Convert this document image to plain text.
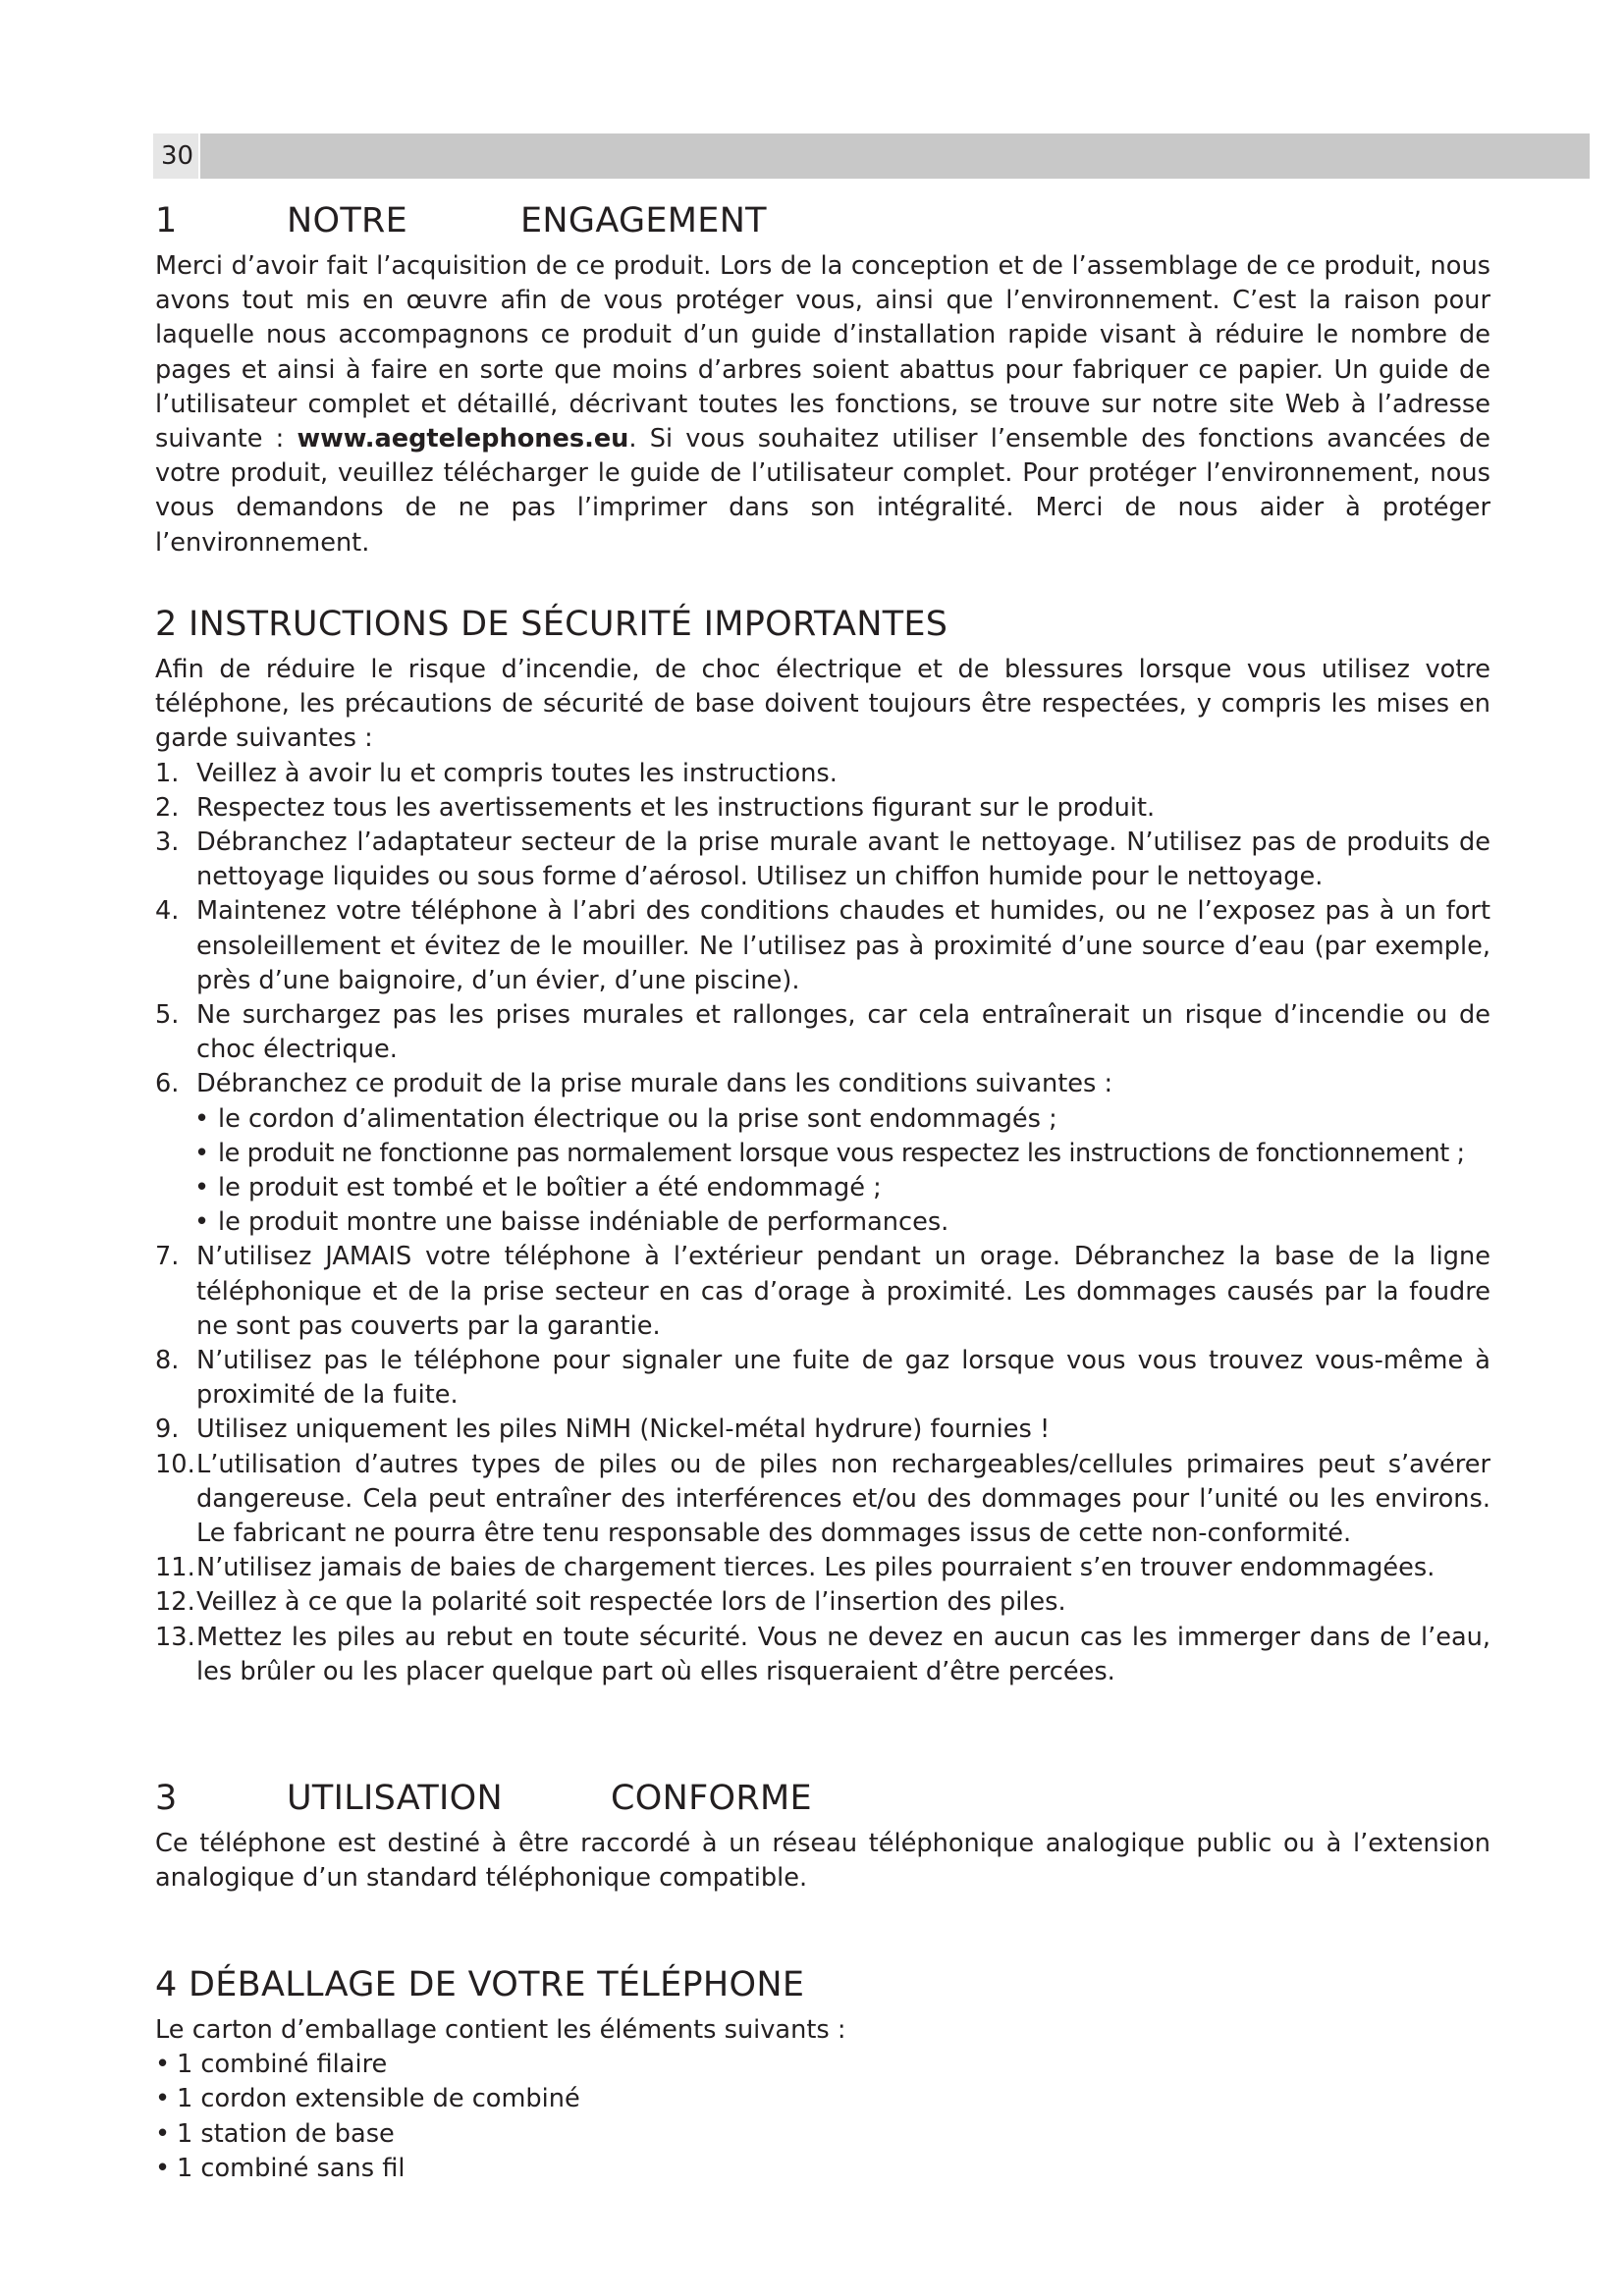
30
1	NOTRE	ENGAGEMENT

Merci d’avoir fait l’acquisition de ce produit. Lors de la conception et de l’assemblage de ce produit, nous avons tout mis en œuvre afin de vous protéger vous, ainsi que l’environnement. C’est la raison pour laquelle nous accompagnons ce produit d’un guide d’installation rapide visant à réduire le nombre de pages et ainsi à faire en sorte que moins d’arbres soient abattus pour fabriquer ce papier. Un guide de l’utilisateur complet et détaillé, décrivant toutes les fonctions, se trouve sur notre site Web à l’adresse suivante : www.aegtelephones.eu. Si vous souhaitez utiliser l’ensemble des fonctions avancées de votre produit, veuillez télécharger le guide de l’utilisateur complet. Pour protéger l’environnement, nous vous demandons de ne pas l’imprimer dans son intégralité. Merci de nous aider à protéger l’environnement.

2 INSTRUCTIONS DE SÉCURITÉ IMPORTANTES

Afin de réduire le risque d’incendie, de choc électrique et de blessures lorsque vous utilisez votre téléphone, les précautions de sécurité de base doivent toujours être respectées, y compris les mises en garde suivantes :

1. Veillez à avoir lu et compris toutes les instructions.
2. Respectez tous les avertissements et les instructions figurant sur le produit.
3. Débranchez l’adaptateur secteur de la prise murale avant le nettoyage. N’utilisez pas de produits de nettoyage liquides ou sous forme d’aérosol. Utilisez un chiffon humide pour le nettoyage.
4. Maintenez votre téléphone à l’abri des conditions chaudes et humides, ou ne l’exposez pas à un fort ensoleillement et évitez de le mouiller. Ne l’utilisez pas à proximité d’une source d’eau (par exemple, près d’une baignoire, d’un évier, d’une piscine).
5. Ne surchargez pas les prises murales et rallonges, car cela entraînerait un risque d’incendie ou de choc électrique.
6. Débranchez ce produit de la prise murale dans les conditions suivantes :
• le cordon d’alimentation électrique ou la prise sont endommagés ;
• le produit ne fonctionne pas normalement lorsque vous respectez les instructions de fonctionnement ;
• le produit est tombé et le boîtier a été endommagé ;
• le produit montre une baisse indéniable de performances.
7. N’utilisez JAMAIS votre téléphone à l’extérieur pendant un orage. Débranchez la base de la ligne téléphonique et de la prise secteur en cas d’orage à proximité. Les dommages causés par la foudre ne sont pas couverts par la garantie.
8. N’utilisez pas le téléphone pour signaler une fuite de gaz lorsque vous vous trouvez vous-même à proximité de la fuite.
9. Utilisez uniquement les piles NiMH (Nickel-métal hydrure) fournies !
10. L’utilisation d’autres types de piles ou de piles non rechargeables/cellules primaires peut s’avérer dangereuse. Cela peut entraîner des interférences et/ou des dommages pour l’unité ou les environs. Le fabricant ne pourra être tenu responsable des dommages issus de cette non-conformité.
11. N’utilisez jamais de baies de chargement tierces. Les piles pourraient s’en trouver endommagées.
12. Veillez à ce que la polarité soit respectée lors de l’insertion des piles.
13. Mettez les piles au rebut en toute sécurité. Vous ne devez en aucun cas les immerger dans de l’eau, les brûler ou les placer quelque part où elles risqueraient d’être percées.
3	UTILISATION	CONFORME

Ce téléphone est destiné à être raccordé à un réseau téléphonique analogique public ou à l’extension analogique d’un standard téléphonique compatible.

4 DÉBALLAGE DE VOTRE TÉLÉPHONE

Le carton d’emballage contient les éléments suivants :

• 1 combiné filaire
• 1 cordon extensible de combiné
• 1 station de base
• 1 combiné sans fil
